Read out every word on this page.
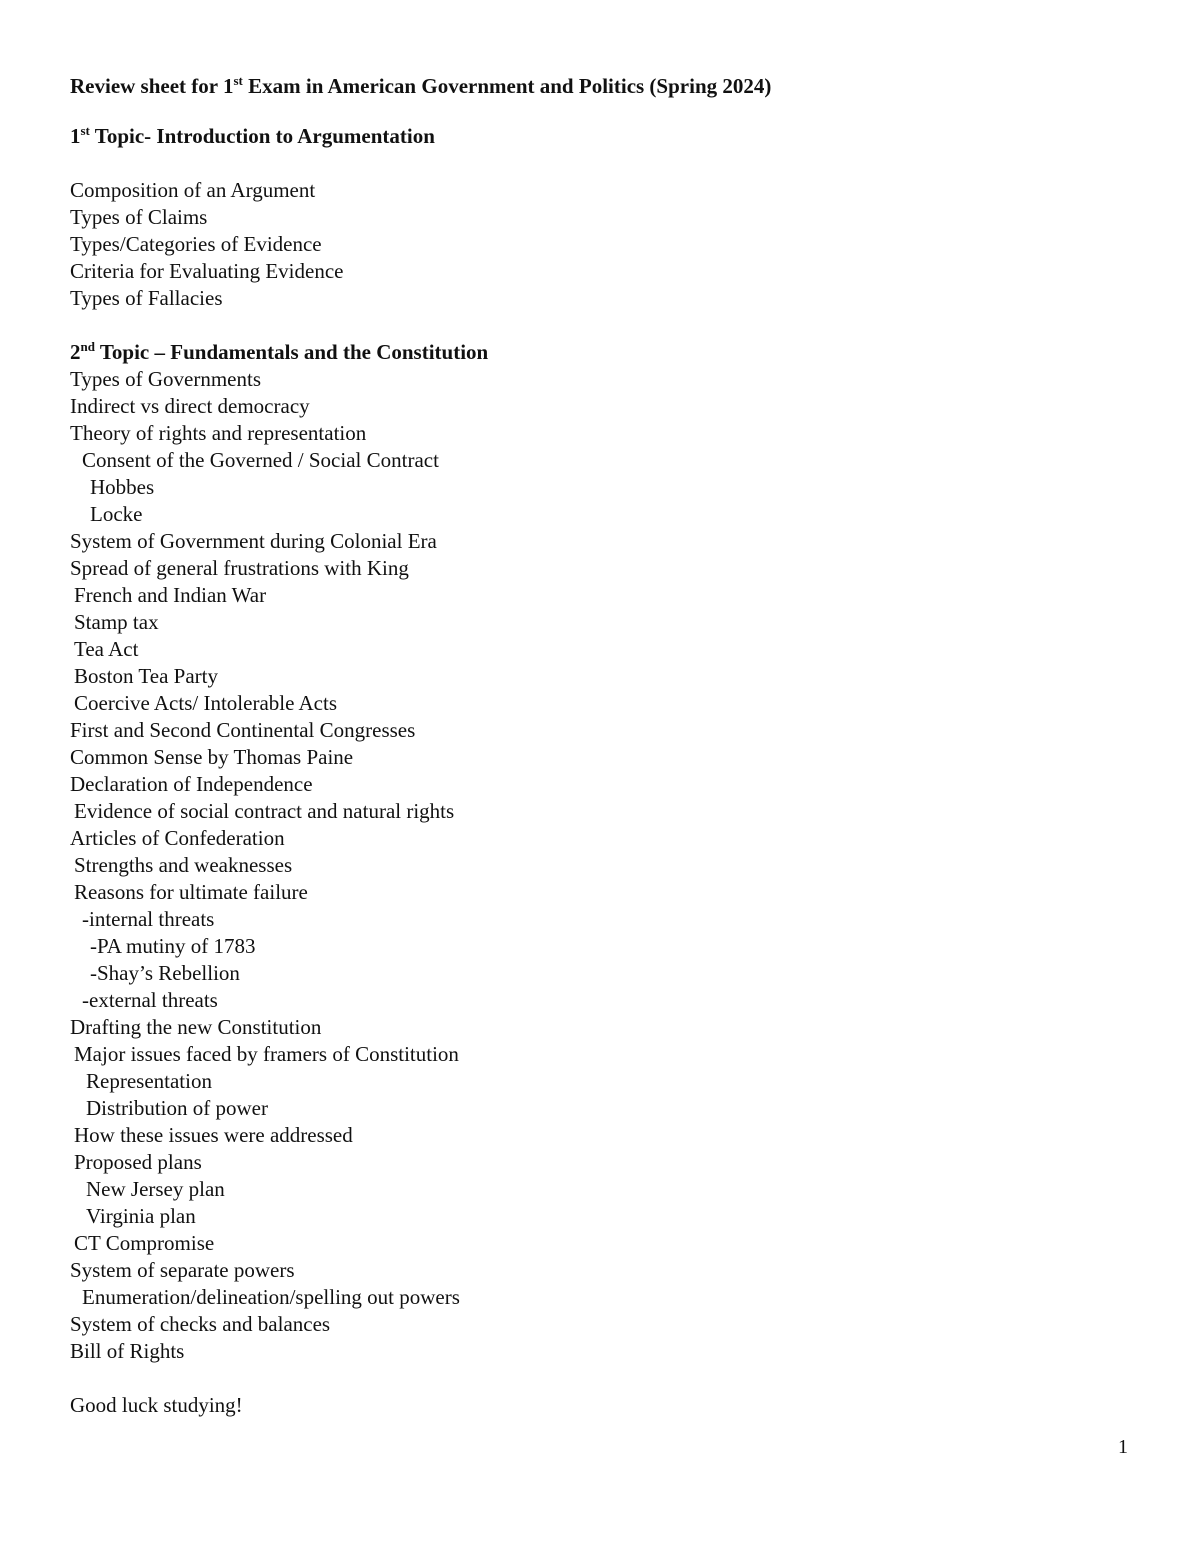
Review sheet for 1st Exam in American Government and Politics (Spring 2024)
1st Topic- Introduction to Argumentation
Composition of an Argument
Types of Claims
Types/Categories of Evidence
Criteria for Evaluating Evidence
Types of Fallacies
2nd Topic – Fundamentals and the Constitution
Types of Governments
Indirect vs direct democracy
Theory of rights and representation
Consent of the Governed / Social Contract
Hobbes
Locke
System of Government during Colonial Era
Spread of general frustrations with King
French and Indian War
Stamp tax
Tea Act
Boston Tea Party
Coercive Acts/ Intolerable Acts
First and Second Continental Congresses
Common Sense by Thomas Paine
Declaration of Independence
Evidence of social contract and natural rights
Articles of Confederation
Strengths and weaknesses
Reasons for ultimate failure
-internal threats
-PA mutiny of 1783
-Shay’s Rebellion
-external threats
Drafting the new Constitution
Major issues faced by framers of Constitution
Representation
Distribution of power
How these issues were addressed
Proposed plans
New Jersey plan
Virginia plan
CT Compromise
System of separate powers
Enumeration/delineation/spelling out powers
System of checks and balances
Bill of Rights
Good luck studying!
1
